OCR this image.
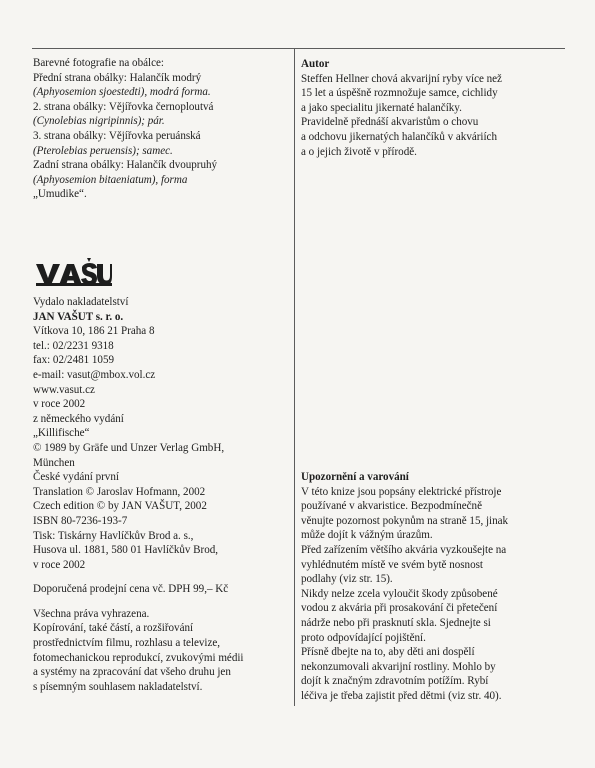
Barevné fotografie na obálce:
Přední strana obálky: Halančík modrý
(Aphyosemion sjoestedti), modrá forma.
2. strana obálky: Vějířovka černoploutvá
(Cynolebias nigripinnis); pár.
3. strana obálky: Vějířovka peruánská
(Pterolebias peruensis); samec.
Zadní strana obálky: Halančík dvoupruhý
(Aphyosemion bitaeniatum), forma
„Umudike“.
Vydalo nakladatelství
JAN VAŠUT s. r. o.
Vítkova 10, 186 21 Praha 8
tel.: 02/2231 9318
fax: 02/2481 1059
e-mail: vasut@mbox.vol.cz
www.vasut.cz
v roce 2002
z německého vydání
„Killifische“
© 1989 by Gräfe und Unzer Verlag GmbH,
München
České vydání první
Translation © Jaroslav Hofmann, 2002
Czech edition © by JAN VAŠUT, 2002
ISBN 80-7236-193-7
Tisk: Tiskárny Havlíčkův Brod a. s.,
Husova ul. 1881, 580 01 Havlíčkův Brod,
v roce 2002
Doporučená prodejní cena vč. DPH 99,– Kč
Všechna práva vyhrazena.
Kopírování, také částí, a rozšiřování
prostřednictvím filmu, rozhlasu a televize,
fotomechanickou reprodukcí, zvukovými médii
a systémy na zpracování dat všeho druhu jen
s písemným souhlasem nakladatelství.
Autor
Steffen Hellner chová akvarijní ryby více než
15 let a úspěšně rozmnožuje samce, cichlidy
a jako specialitu jikernaté halančíky.
Pravidelně přednáší akvaristům o chovu
a odchovu jikernatých halančíků v akváriích
a o jejich životě v přírodě.
Upozornění a varování
V této knize jsou popsány elektrické přístroje
používané v akvaristice. Bezpodmínečně
věnujte pozornost pokynům na straně 15, jinak
může dojít k vážným úrazům.
Před zařízením většího akvária vyzkoušejte na
vyhlédnutém místě ve svém bytě nosnost
podlahy (viz str. 15).
Nikdy nelze zcela vyloučit škody způsobené
vodou z akvária při prosakování či přetečení
nádrže nebo při prasknutí skla. Sjednejte si
proto odpovídající pojištění.
Přísně dbejte na to, aby děti ani dospělí
nekonzumovali akvarijní rostliny. Mohlo by
dojít k značným zdravotním potížím. Rybí
léčiva je třeba zajistit před dětmi (viz str. 40).
